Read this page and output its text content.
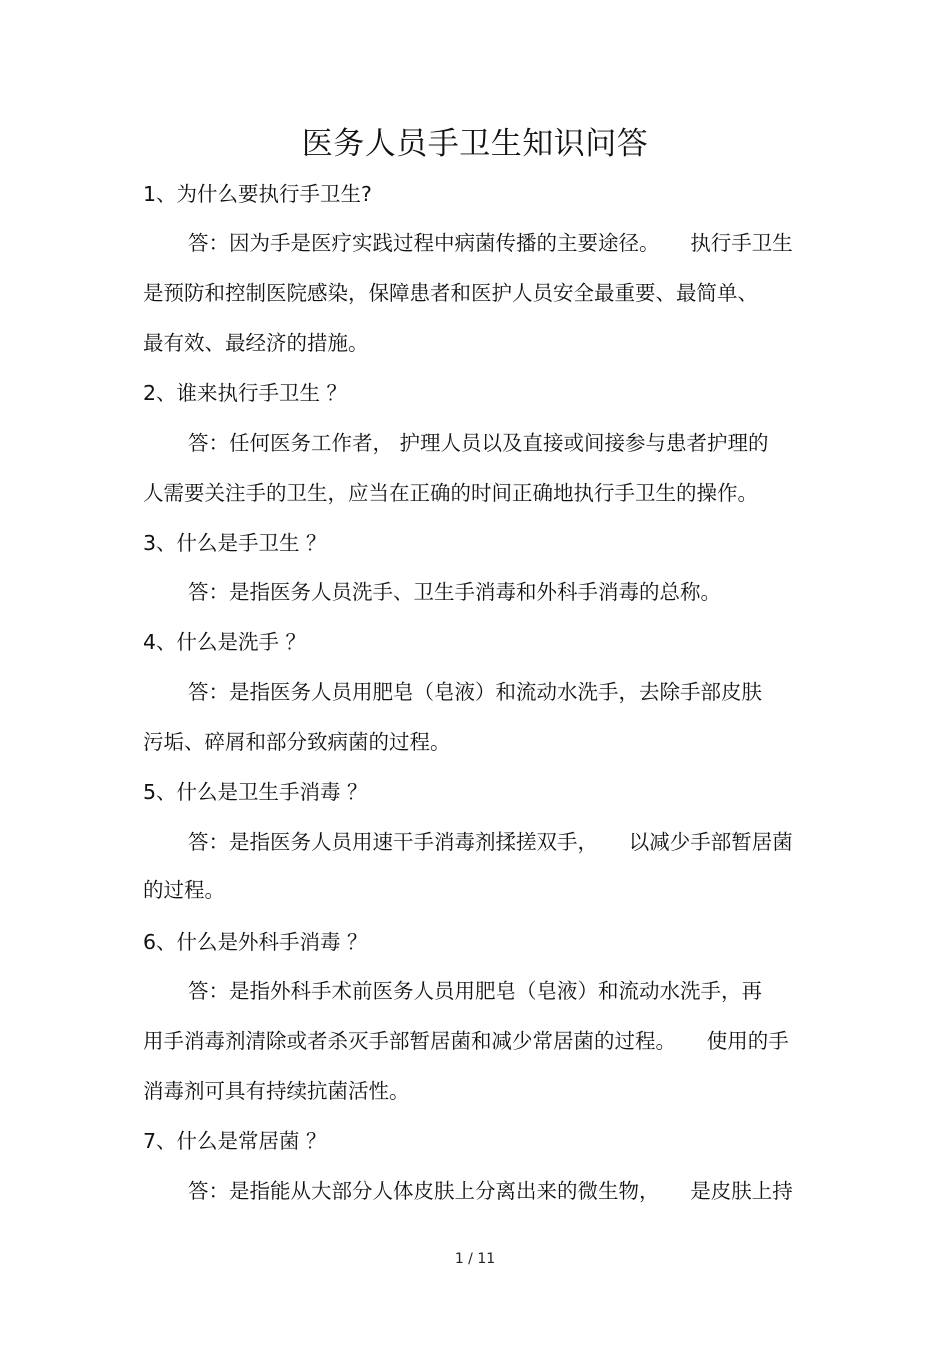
医务人员手卫生知识问答
1、为什么要执行手卫生?
答：因为手是医疗实践过程中病菌传播的主要途径。　　执行手卫生
是预防和控制医院感染，保障患者和医护人员安全最重要、最简单、
最有效、最经济的措施。
2、谁来执行手卫生 ？
答：任何医务工作者， 护理人员以及直接或间接参与患者护理的
人需要关注手的卫生，应当在正确的时间正确地执行手卫生的操作。
3、什么是手卫生 ？
答：是指医务人员洗手、卫生手消毒和外科手消毒的总称。
4、什么是洗手 ？
答：是指医务人员用肥皂（皂液）和流动水洗手，去除手部皮肤
污垢、碎屑和部分致病菌的过程。
5、什么是卫生手消毒 ？
答：是指医务人员用速干手消毒剂揉搓双手，　　以减少手部暂居菌
的过程。
6、什么是外科手消毒 ？
答：是指外科手术前医务人员用肥皂（皂液）和流动水洗手，再
用手消毒剂清除或者杀灭手部暂居菌和减少常居菌的过程。　　使用的手
消毒剂可具有持续抗菌活性。
7、什么是常居菌 ？
答：是指能从大部分人体皮肤上分离出来的微生物，　　是皮肤上持
1 / 11
